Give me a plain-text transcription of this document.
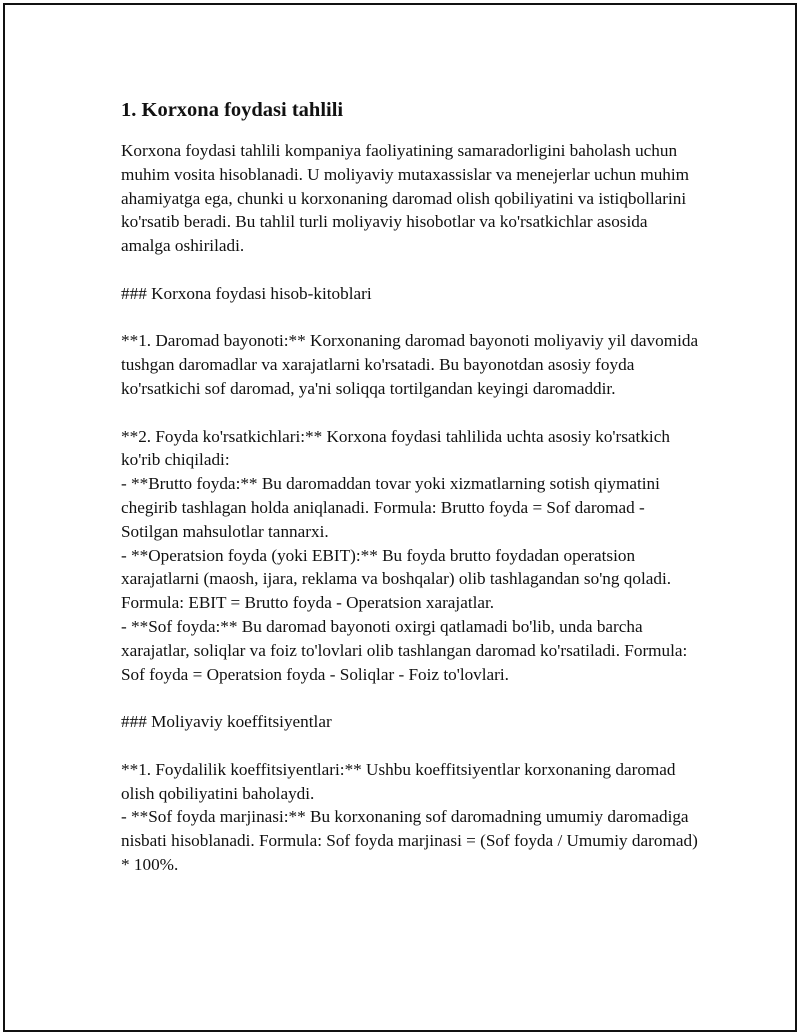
1. Korxona foydasi tahlili
Korxona foydasi tahlili kompaniya faoliyatining samaradorligini baholash uchun muhim vosita hisoblanadi. U moliyaviy mutaxassislar va menejerlar uchun muhim ahamiyatga ega, chunki u korxonaning daromad olish qobiliyatini va istiqbollarini ko'rsatib beradi. Bu tahlil turli moliyaviy hisobotlar va ko'rsatkichlar asosida amalga oshiriladi.
### Korxona foydasi hisob-kitoblari
**1. Daromad bayonoti:** Korxonaning daromad bayonoti moliyaviy yil davomida tushgan daromadlar va xarajatlarni ko'rsatadi. Bu bayonotdan asosiy foyda ko'rsatkichi sof daromad, ya'ni soliqqa tortilgandan keyingi daromaddir.
**2. Foyda ko'rsatkichlari:** Korxona foydasi tahlilida uchta asosiy ko'rsatkich ko'rib chiqiladi:
- **Brutto foyda:** Bu daromaddan tovar yoki xizmatlarning sotish qiymatini chegirib tashlagan holda aniqlanadi. Formula: Brutto foyda = Sof daromad - Sotilgan mahsulotlar tannarxi.
- **Operatsion foyda (yoki EBIT):** Bu foyda brutto foydadan operatsion xarajatlarni (maosh, ijara, reklama va boshqalar) olib tashlagandan so'ng qoladi. Formula: EBIT = Brutto foyda - Operatsion xarajatlar.
- **Sof foyda:** Bu daromad bayonoti oxirgi qatlamadi bo'lib, unda barcha xarajatlar, soliqlar va foiz to'lovlari olib tashlangan daromad ko'rsatiladi. Formula: Sof foyda = Operatsion foyda - Soliqlar - Foiz to'lovlari.
### Moliyaviy koeffitsiyentlar
**1. Foydalilik koeffitsiyentlari:** Ushbu koeffitsiyentlar korxonaning daromad olish qobiliyatini baholaydi.
- **Sof foyda marjinasi:** Bu korxonaning sof daromadning umumiy daromadiga nisbati hisoblanadi. Formula: Sof foyda marjinasi = (Sof foyda / Umumiy daromad) * 100%.
